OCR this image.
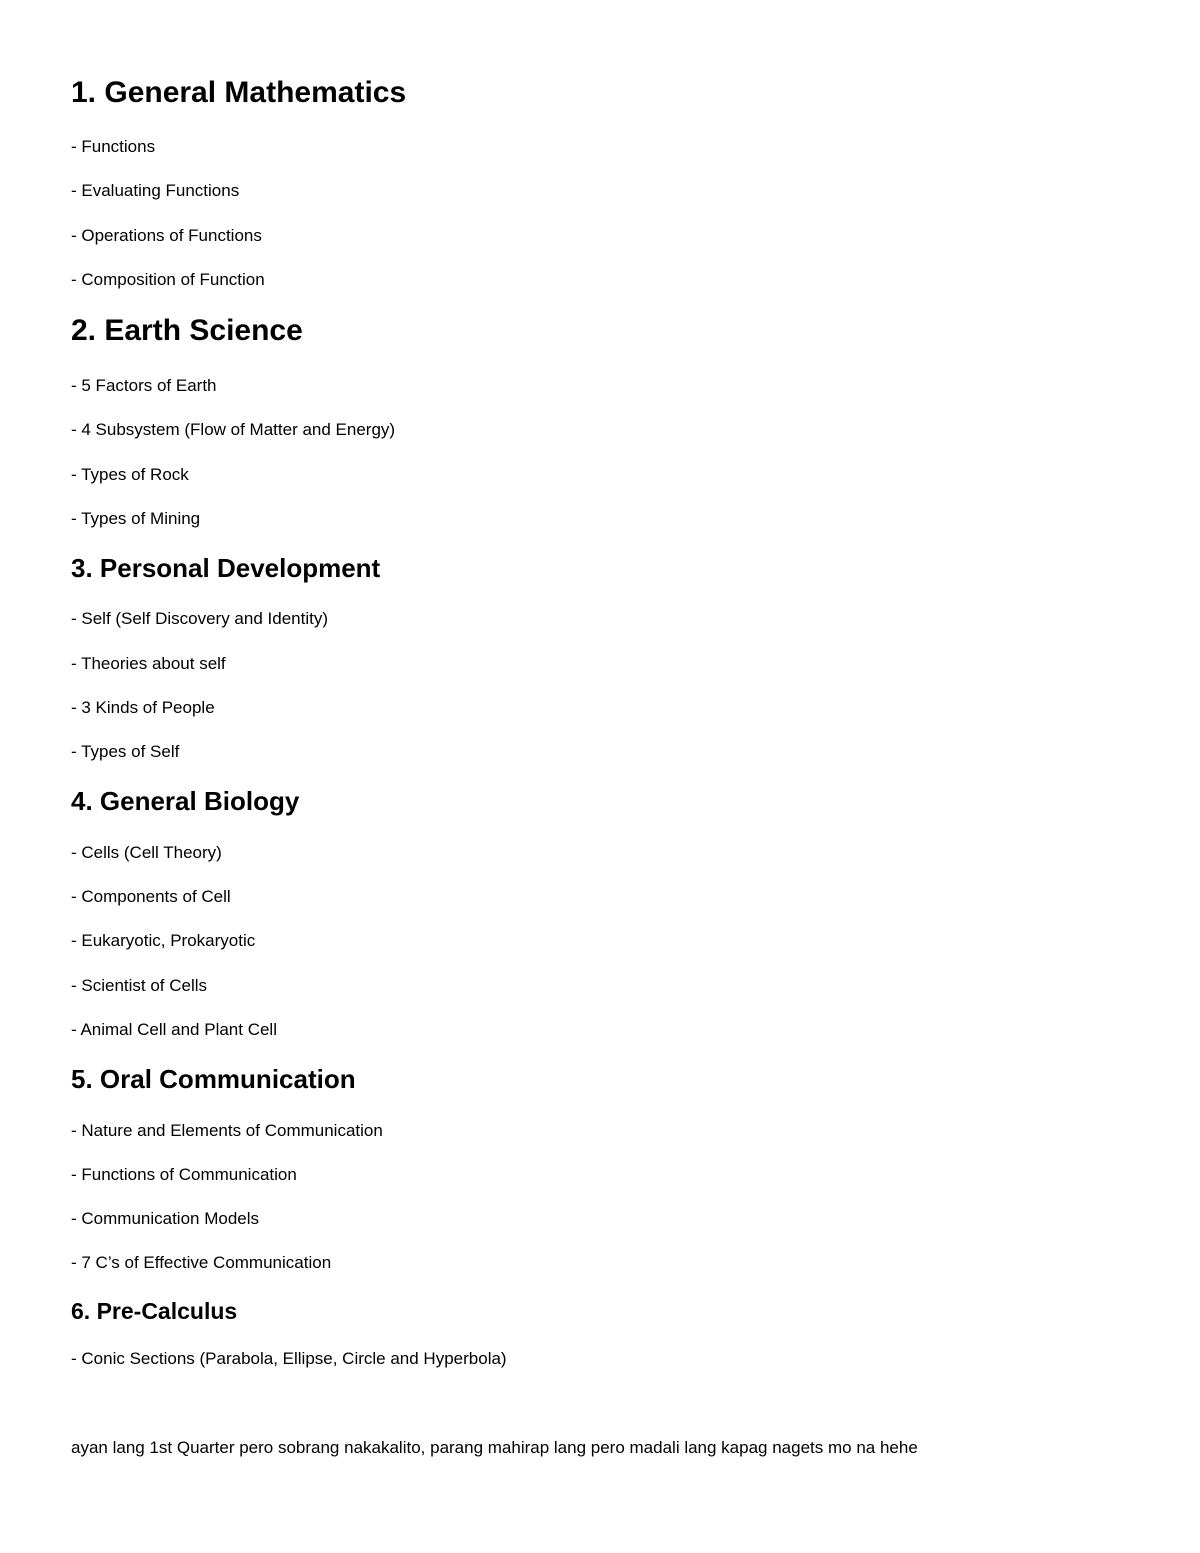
1. General Mathematics

- Functions

- Evaluating Functions

- Operations of Functions

- Composition of Function

2. Earth Science

- 5 Factors of Earth

- 4 Subsystem (Flow of Matter and Energy)

- Types of Rock

- Types of Mining

3. Personal Development

- Self (Self Discovery and Identity)

- Theories about self

- 3 Kinds of People

- Types of Self

4. General Biology

- Cells (Cell Theory)

- Components of Cell

- Eukaryotic, Prokaryotic

- Scientist of Cells

- Animal Cell and Plant Cell

5. Oral Communication

- Nature and Elements of Communication

- Functions of Communication

- Communication Models

- 7 C’s of Effective Communication

6. Pre-Calculus

- Conic Sections (Parabola, Ellipse, Circle and Hyperbola)

ayan lang 1st Quarter pero sobrang nakakalito, parang mahirap lang pero madali lang kapag nagets mo na hehe
